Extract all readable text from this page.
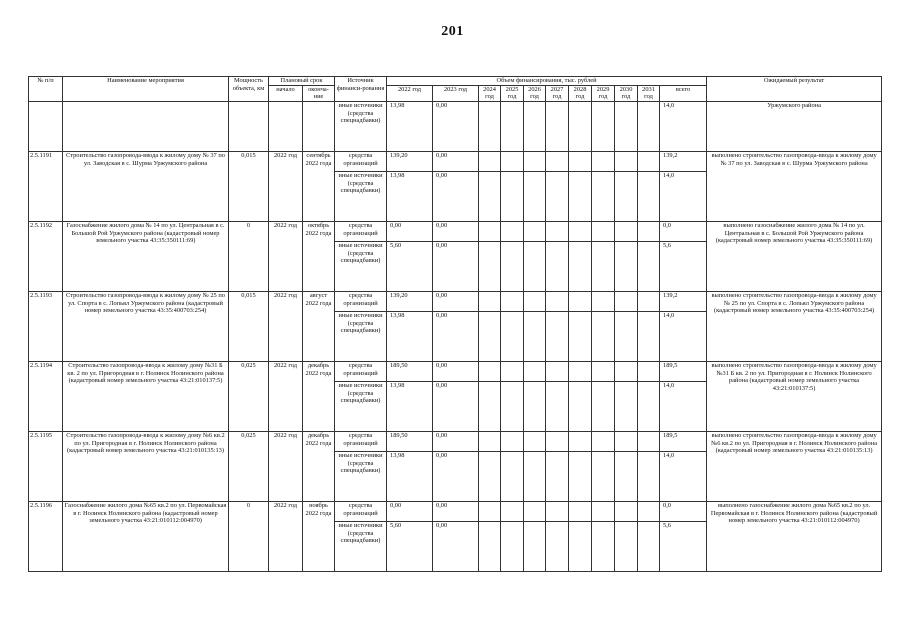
201
№ п/п	Наименование мероприятия	Мощность объекта, км	Плановый срок		Источник финанси-рования	Объем финансирования, тыс. рублей											Ожидаемый результат
			начало	оконча-ние		2022 год	2023 год	2024 год	2025 год	2026 год	2027 год	2028 год	2029 год	2030 год	2031 год	всего	
					иные источники (средства спецнадбавки)	13,98	0,00									14,0	Уржумского района
2.5.1191	Строительство газопровода-ввода к жилому дому № 37 по ул. Заводская в с. Шурма Уржумского района	0,015	2022 год	сентябрь 2022 года	средства организаций	139,20	0,00									139,2	выполнено строительство газопровода-ввода к жилому дому № 37 по ул. Заводская в с. Шурма Уржумского района
					иные источники (средства спецнадбавки)	13,98	0,00									14,0	
2.5.1192	Газоснабжение жилого дома № 14 по ул. Центральная в с. Большой Рой Уржумского района (кадастровый номер земельного участка 43:35:350111:69)	0	2022 год	октябрь 2022 года	средства организаций	0,00	0,00									0,0	выполнено газоснабжение жилого дома № 14 по ул. Центральная в с. Большой Рой Уржумского района (кадастровый номер земельного участка 43:35:350111:69)
					иные источники (средства спецнадбавки)	5,60	0,00									5,6	
2.5.1193	Строительство газопровода-ввода к жилому дому № 25 по ул. Спорта в с. Лопьял Уржумского района (кадастровый номер земельного участка 43:35:400703:254)	0,015	2022 год	август 2022 года	средства организаций	139,20	0,00									139,2	выполнено строительство газопровода-ввода к жилому дому № 25 по ул. Спорта в с. Лопьял Уржумского района (кадастровый номер земельного участка 43:35:400703:254)
					иные источники (средства спецнадбавки)	13,98	0,00									14,0	
2.5.1194	Строительство газопровода-ввода к жилому дому №31 Б кв. 2 по ул. Пригородная в г. Нолинск Нолинского района (кадастровый номер земельного участка 43:21:010137:5)	0,025	2022 год	декабрь 2022 года	средства организаций	189,50	0,00									189,5	выполнено строительство газопровода-ввода к жилому дому №31 Б кв. 2 по ул. Пригородная в г. Нолинск Нолинского района (кадастровый номер земельного участка 43:21:010137:5)
					иные источники (средства спецнадбавки)	13,98	0,00									14,0	
2.5.1195	Строительство газопровода-ввода к жилому дому №6 кв.2 по ул. Пригородная в г. Нолинск Нолинского района (кадастровый номер земельного участка 43:21:010135:13)	0,025	2022 год	декабрь 2022 года	средства организаций	189,50	0,00									189,5	выполнено строительство газопровода-ввода к жилому дому №6 кв.2 по ул. Пригородная в г. Нолинск Нолинского района (кадастровый номер земельного участка 43:21:010135:13)
					иные источники (средства спецнадбавки)	13,98	0,00									14,0	
2.5.1196	Газоснабжение жилого дома №65 кв.2 по ул. Первомайская в г. Нолинск Нолинского района (кадастровый номер земельного участка 43:21:010112:004970)	0	2022 год	ноябрь 2022 года	средства организаций	0,00	0,00									0,0	выполнено газоснабжение жилого дома №65 кв.2 по ул. Первомайская в г. Нолинск Нолинского района (кадастровый номер земельного участка 43:21:010112:004970)
					иные источники (средства спецнадбавки)	5,60	0,00									5,6	
